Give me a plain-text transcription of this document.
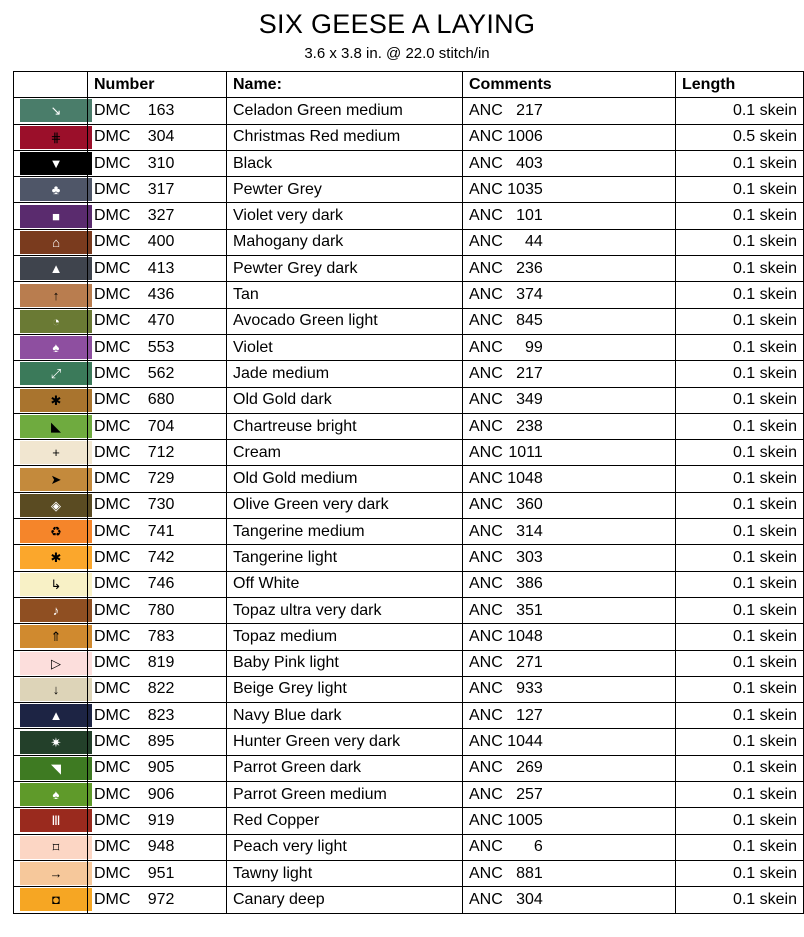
SIX GEESE A LAYING
3.6 x 3.8 in. @ 22.0 stitch/in
	Number	Name:	Comments	Length

↘	DMC 163	Celadon Green medium	ANC 217	0.1 skein

⋕	DMC 304	Christmas Red medium	ANC 1006	0.5 skein

▼	DMC 310	Black	ANC 403	0.1 skein

♣	DMC 317	Pewter Grey	ANC 1035	0.1 skein

■	DMC 327	Violet very dark	ANC 101	0.1 skein

⌂	DMC 400	Mahogany dark	ANC 44	0.1 skein

▲	DMC 413	Pewter Grey dark	ANC 236	0.1 skein

↑	DMC 436	Tan	ANC 374	0.1 skein

◔	DMC 470	Avocado Green light	ANC 845	0.1 skein

♠	DMC 553	Violet	ANC 99	0.1 skein

⤢	DMC 562	Jade medium	ANC 217	0.1 skein

✱	DMC 680	Old Gold dark	ANC 349	0.1 skein

◣	DMC 704	Chartreuse bright	ANC 238	0.1 skein

+	DMC 712	Cream	ANC 1011	0.1 skein

➤	DMC 729	Old Gold medium	ANC 1048	0.1 skein

◈	DMC 730	Olive Green very dark	ANC 360	0.1 skein

♻	DMC 741	Tangerine medium	ANC 314	0.1 skein

✱	DMC 742	Tangerine light	ANC 303	0.1 skein

↳	DMC 746	Off White	ANC 386	0.1 skein

♪	DMC 780	Topaz ultra very dark	ANC 351	0.1 skein

⇑	DMC 783	Topaz medium	ANC 1048	0.1 skein

▷	DMC 819	Baby Pink light	ANC 271	0.1 skein

↓	DMC 822	Beige Grey light	ANC 933	0.1 skein

▲	DMC 823	Navy Blue dark	ANC 127	0.1 skein

✷	DMC 895	Hunter Green very dark	ANC 1044	0.1 skein

◥	DMC 905	Parrot Green dark	ANC 269	0.1 skein

♠	DMC 906	Parrot Green medium	ANC 257	0.1 skein

Ⅲ	DMC 919	Red Copper	ANC 1005	0.1 skein

⌑	DMC 948	Peach very light	ANC 6	0.1 skein

→	DMC 951	Tawny light	ANC 881	0.1 skein

◘	DMC 972	Canary deep	ANC 304	0.1 skein
